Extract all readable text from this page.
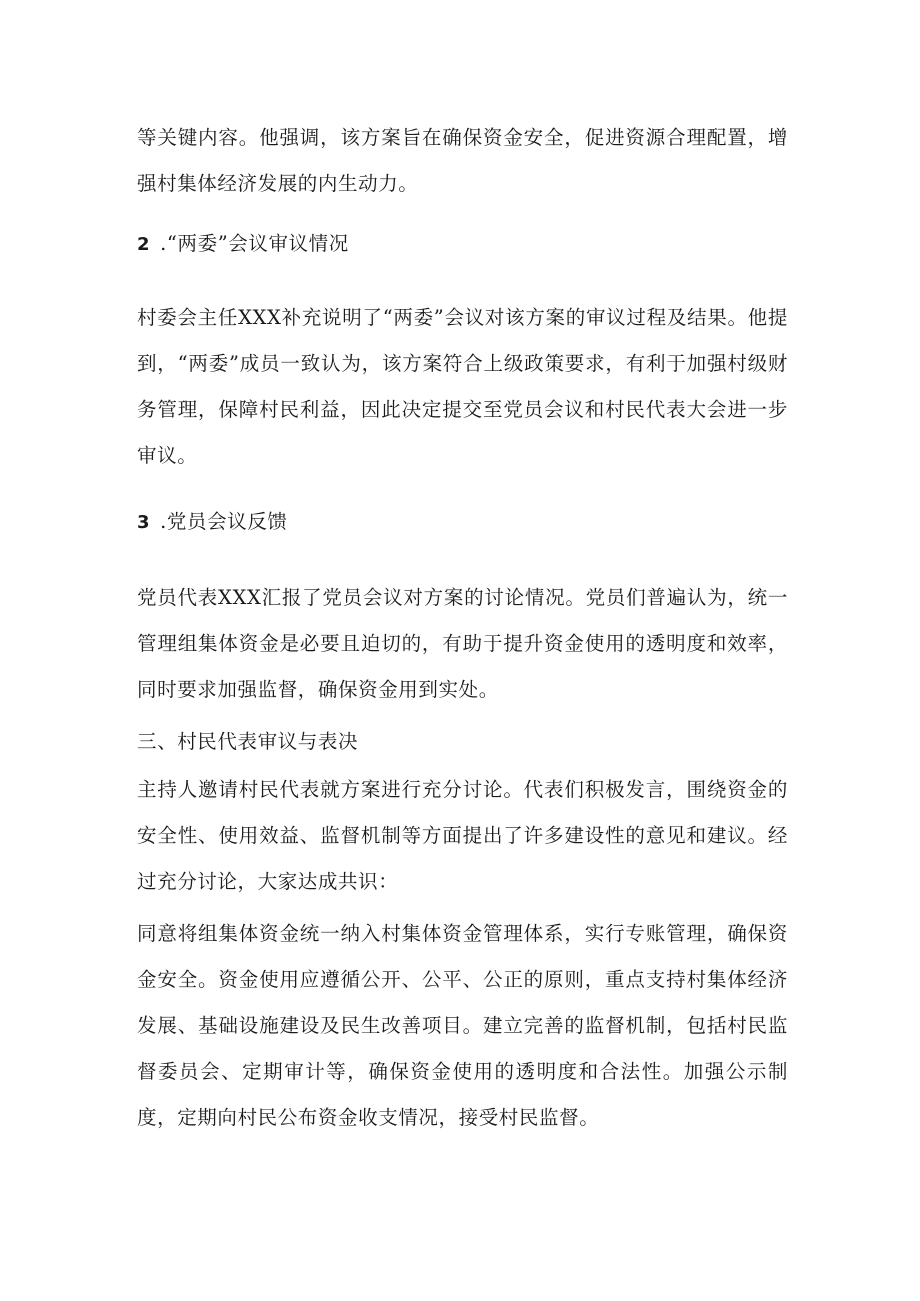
等关键内容。他强调，该方案旨在确保资金安全，促进资源合理配置，增强村集体经济发展的内生动力。

2 .“两委”会议审议情况

村委会主任XXX补充说明了“两委”会议对该方案的审议过程及结果。他提到，“两委”成员一致认为，该方案符合上级政策要求，有利于加强村级财务管理，保障村民利益，因此决定提交至党员会议和村民代表大会进一步审议。

3 .党员会议反馈

党员代表XXX汇报了党员会议对方案的讨论情况。党员们普遍认为，统一管理组集体资金是必要且迫切的，有助于提升资金使用的透明度和效率，同时要求加强监督，确保资金用到实处。

三、村民代表审议与表决

主持人邀请村民代表就方案进行充分讨论。代表们积极发言，围绕资金的安全性、使用效益、监督机制等方面提出了许多建设性的意见和建议。经过充分讨论，大家达成共识：

同意将组集体资金统一纳入村集体资金管理体系，实行专账管理，确保资金安全。资金使用应遵循公开、公平、公正的原则，重点支持村集体经济发展、基础设施建设及民生改善项目。建立完善的监督机制，包括村民监督委员会、定期审计等，确保资金使用的透明度和合法性。加强公示制度，定期向村民公布资金收支情况，接受村民监督。
